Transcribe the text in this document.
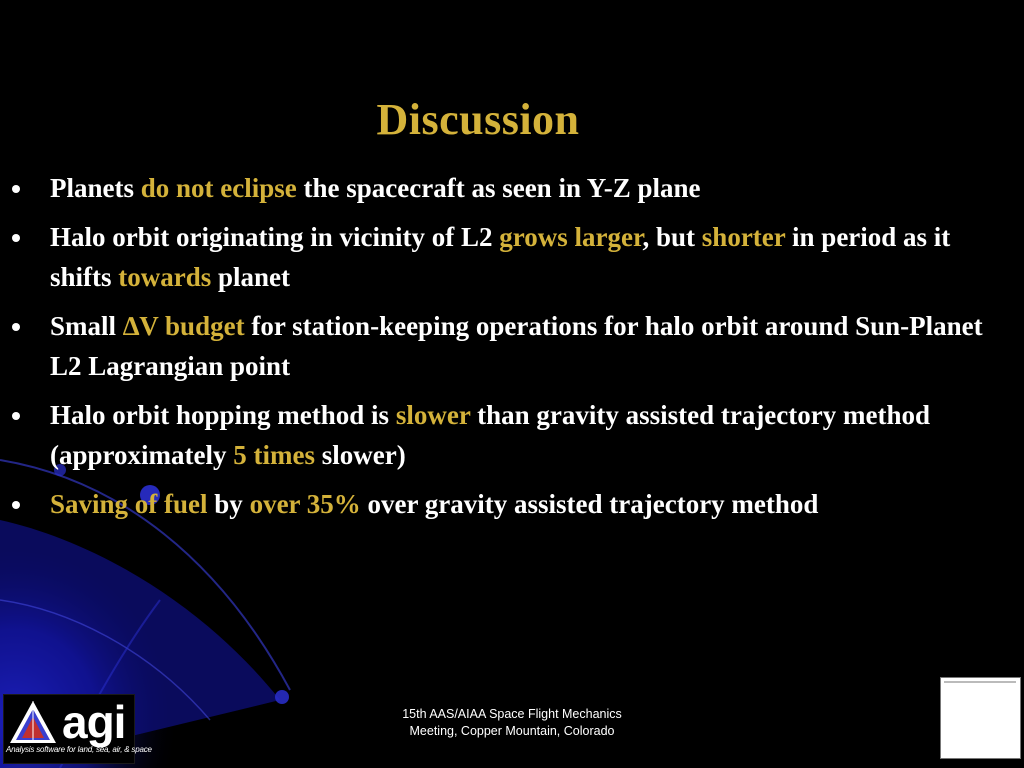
Discussion
Planets do not eclipse the spacecraft as seen in Y-Z plane
Halo orbit originating in vicinity of L2 grows larger, but shorter in period as it shifts towards planet
Small ∆V budget for station-keeping operations for halo orbit around Sun-Planet L2 Lagrangian point
Halo orbit hopping method is slower than gravity assisted trajectory method (approximately 5 times slower)
Saving of fuel by over 35% over gravity assisted trajectory method
agi
Analysis software for land, sea, air, & space
15th AAS/AIAA Space Flight Mechanics
Meeting, Copper Mountain, Colorado
